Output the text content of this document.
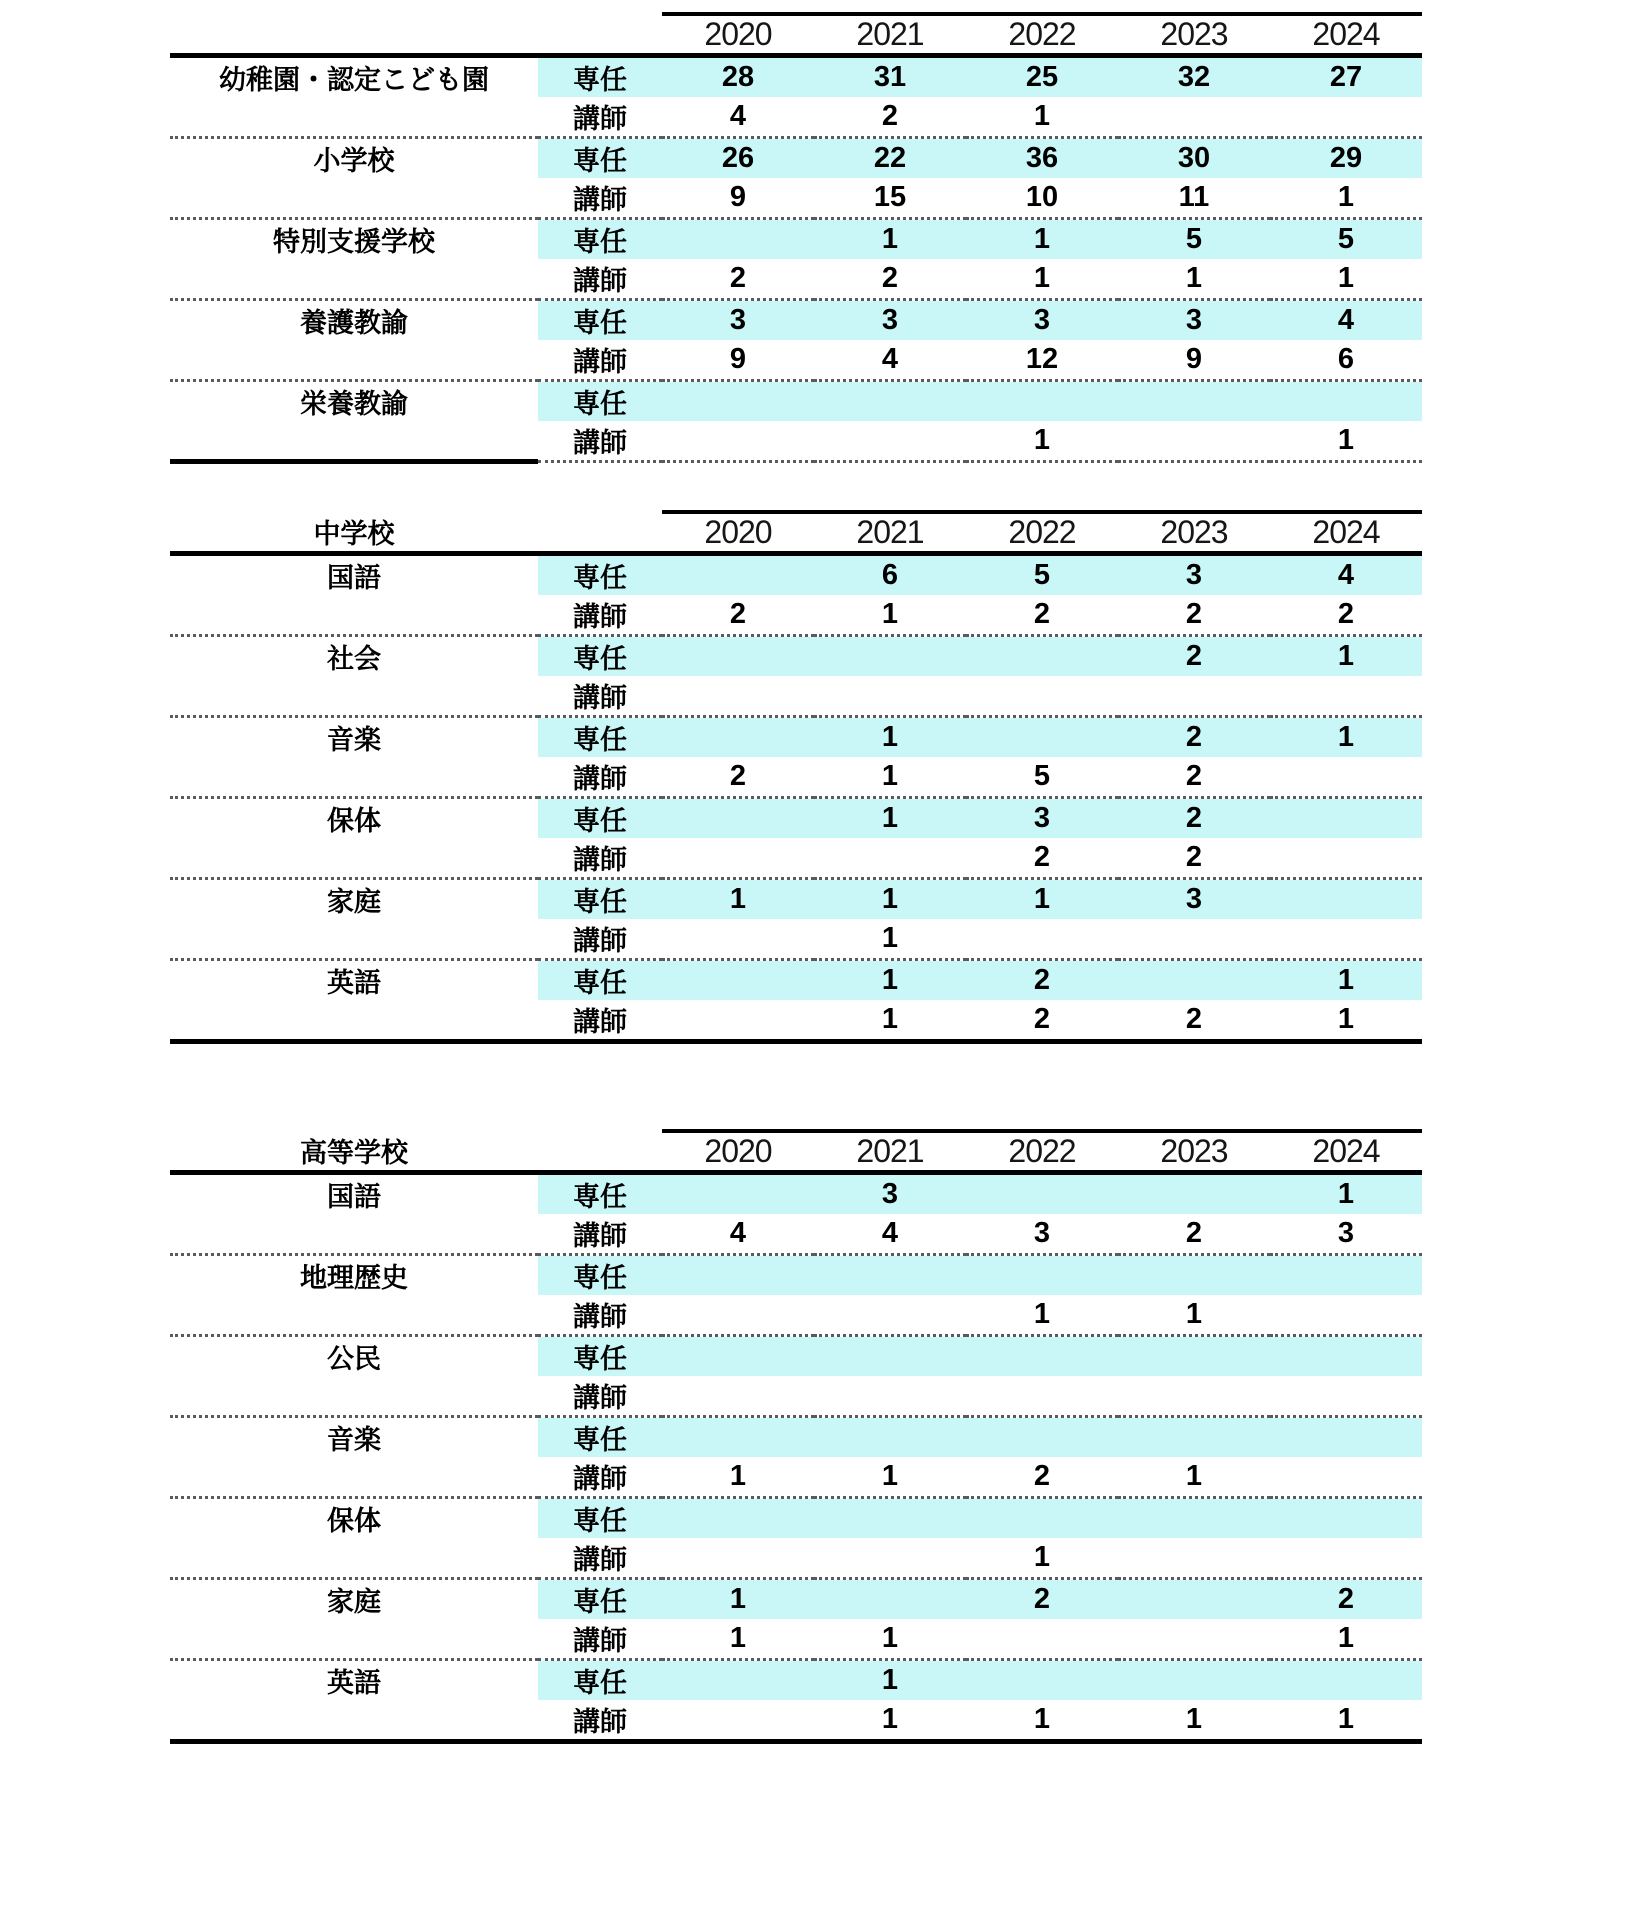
		2020	2021	2022	2023	2024
幼稚園・認定こども園	専任	28	31	25	32	27
	講師	4	2	1		
小学校	専任	26	22	36	30	29
	講師	9	15	10	11	1
特別支援学校	専任		1	1	5	5
	講師	2	2	1	1	1
養護教諭	専任	3	3	3	3	4
	講師	9	4	12	9	6
栄養教諭	専任					
	講師			1		1
中学校		2020	2021	2022	2023	2024
国語	専任		6	5	3	4
	講師	2	1	2	2	2
社会	専任				2	1
	講師					
音楽	専任		1		2	1
	講師	2	1	5	2	
保体	専任		1	3	2	
	講師			2	2	
家庭	専任	1	1	1	3	
	講師		1			
英語	専任		1	2		1
	講師		1	2	2	1
高等学校		2020	2021	2022	2023	2024
国語	専任		3			1
	講師	4	4	3	2	3
地理歴史	専任					
	講師			1	1	
公民	専任					
	講師					
音楽	専任					
	講師	1	1	2	1	
保体	専任					
	講師			1		
家庭	専任	1		2		2
	講師	1	1			1
英語	専任		1			
	講師		1	1	1	1
